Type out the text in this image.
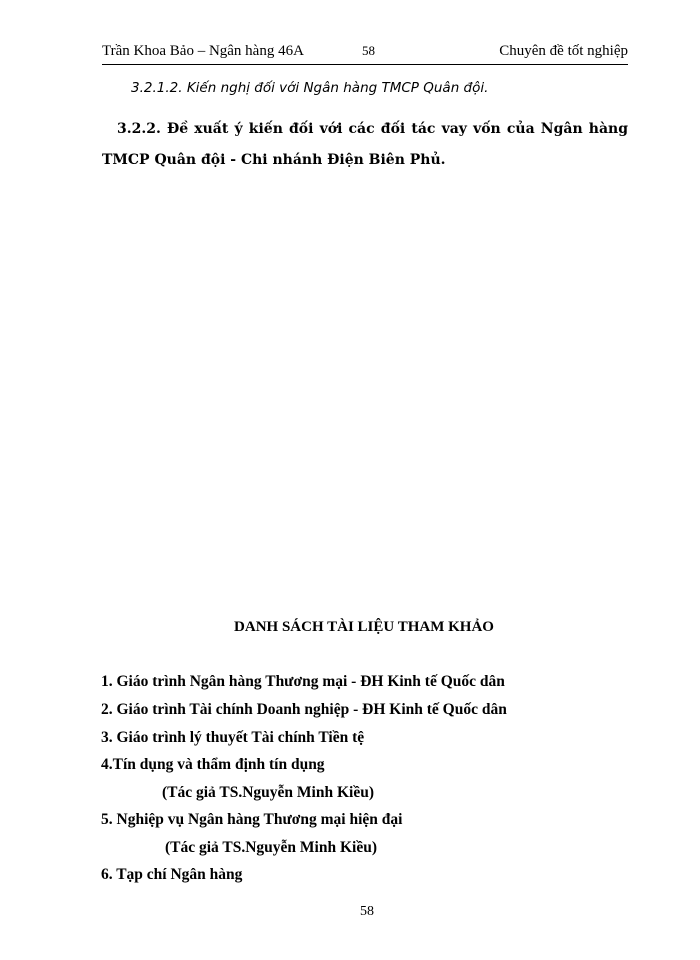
Trần Khoa Bảo – Ngân hàng 46A	58	Chuyên đề tốt nghiệp
3.2.1.2. Kiến nghị đối với Ngân hàng TMCP Quân đội.
3.2.2. Đề xuất ý kiến đối với các đối tác vay vốn của Ngân hàng TMCP Quân đội - Chi nhánh Điện Biên Phủ.
DANH SÁCH TÀI LIỆU THAM KHẢO
1. Giáo trình Ngân hàng Thương mại - ĐH Kinh tế Quốc dân
2. Giáo trình Tài chính Doanh nghiệp - ĐH Kinh tế Quốc dân
3. Giáo trình lý thuyết Tài chính Tiền tệ
4.Tín dụng và thẩm định tín dụng
(Tác giả TS.Nguyễn Minh Kiều)
5. Nghiệp vụ Ngân hàng Thương mại hiện đại
(Tác giả TS.Nguyễn Minh Kiều)
6. Tạp chí Ngân hàng
58
